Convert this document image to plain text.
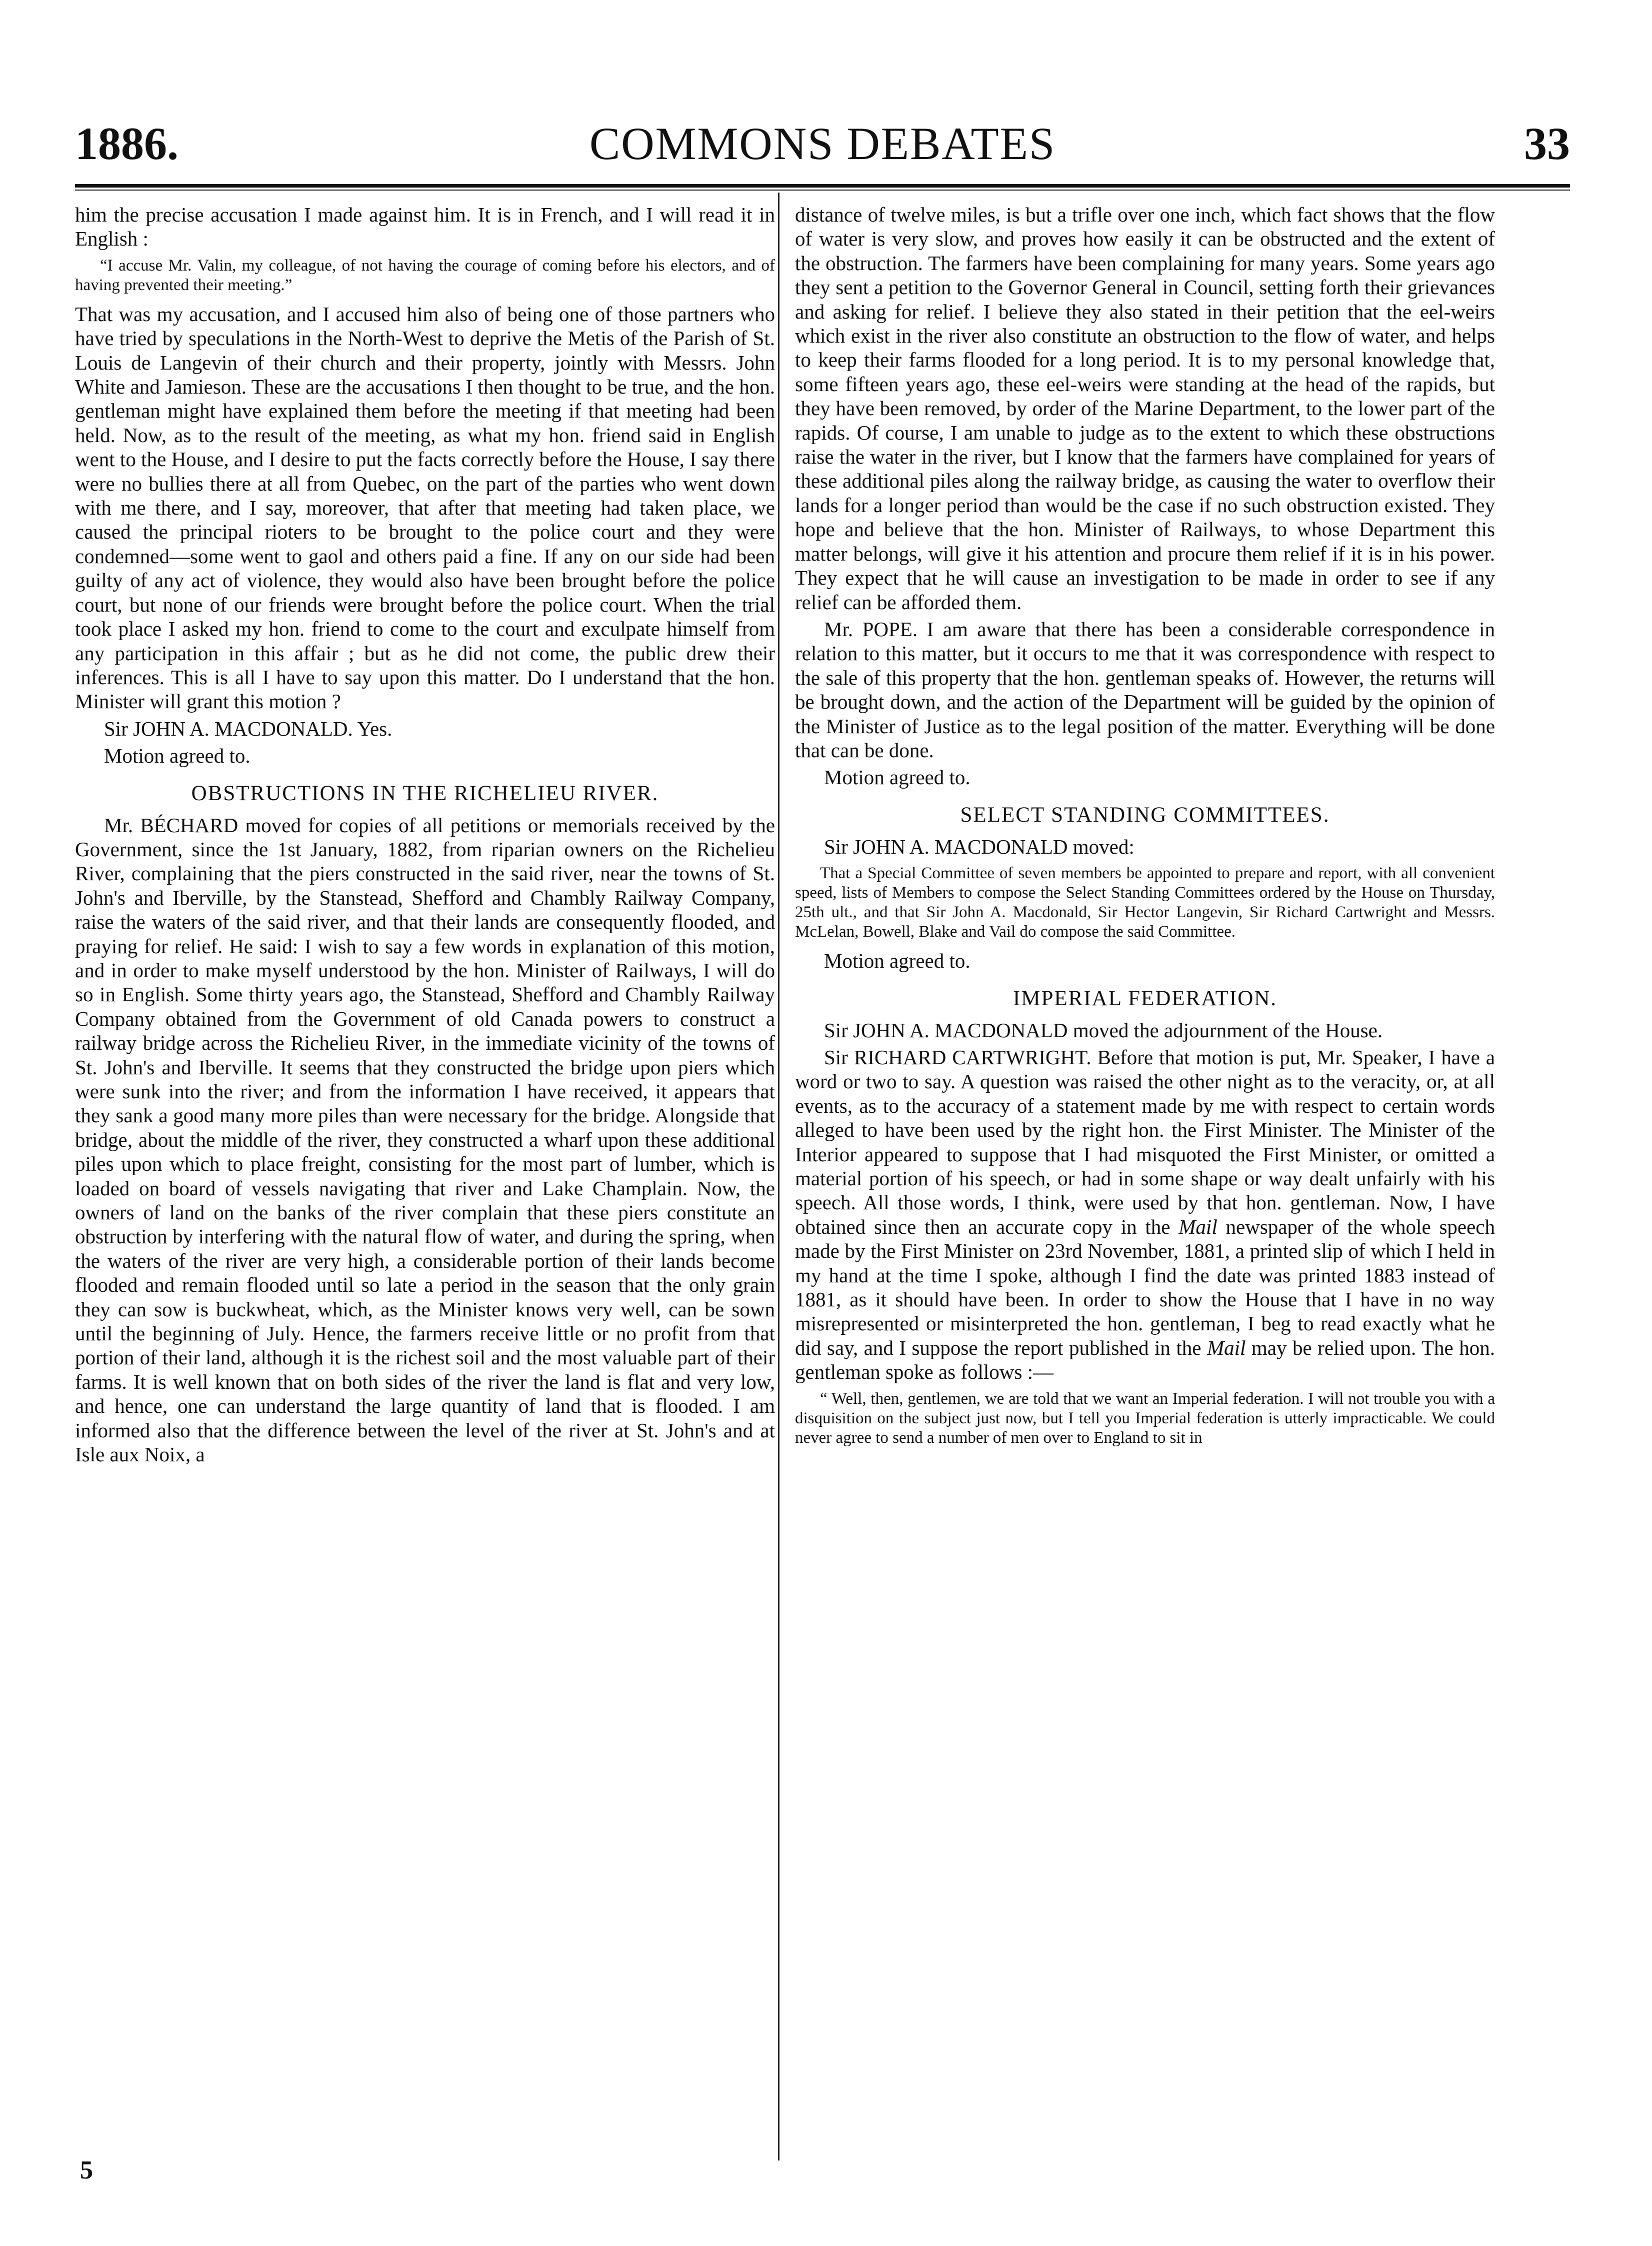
COMMONS DEBATES
1886.	33

him the precise accusation I made against him. It is in French, and I will read it in English :

“I accuse Mr. Valin, my colleague, of not having the courage of coming before his electors, and of having prevented their meeting.”

That was my accusation, and I accused him also of being one of those partners who have tried by speculations in the North-West to deprive the Metis of the Parish of St. Louis de Langevin of their church and their property, jointly with Messrs. John White and Jamieson. These are the accusations I then thought to be true, and the hon. gentleman might have explained them before the meeting if that meeting had been held. Now, as to the result of the meeting, as what my hon. friend said in English went to the House, and I desire to put the facts correctly before the House, I say there were no bullies there at all from Quebec, on the part of the parties who went down with me there, and I say, moreover, that after that meeting had taken place, we caused the principal rioters to be brought to the police court and they were condemned—some went to gaol and others paid a fine. If any on our side had been guilty of any act of violence, they would also have been brought before the police court, but none of our friends were brought before the police court. When the trial took place I asked my hon. friend to come to the court and exculpate himself from any participation in this affair ; but as he did not come, the public drew their inferences. This is all I have to say upon this matter. Do I understand that the hon. Minister will grant this motion ?

Sir JOHN A. MACDONALD. Yes.

Motion agreed to.

OBSTRUCTIONS IN THE RICHELIEU RIVER.

Mr. BÉCHARD moved for copies of all petitions or memorials received by the Government, since the 1st January, 1882, from riparian owners on the Richelieu River, complaining that the piers constructed in the said river, near the towns of St. John's and Iberville, by the Stanstead, Shefford and Chambly Railway Company, raise the waters of the said river, and that their lands are consequently flooded, and praying for relief. He said: I wish to say a few words in explanation of this motion, and in order to make myself understood by the hon. Minister of Railways, I will do so in English. Some thirty years ago, the Stanstead, Shefford and Chambly Railway Company obtained from the Government of old Canada powers to construct a railway bridge across the Richelieu River, in the immediate vicinity of the towns of St. John's and Iberville. It seems that they constructed the bridge upon piers which were sunk into the river; and from the information I have received, it appears that they sank a good many more piles than were necessary for the bridge. Alongside that bridge, about the middle of the river, they constructed a wharf upon these additional piles upon which to place freight, consisting for the most part of lumber, which is loaded on board of vessels navigating that river and Lake Champlain. Now, the owners of land on the banks of the river complain that these piers constitute an obstruction by interfering with the natural flow of water, and during the spring, when the waters of the river are very high, a considerable portion of their lands become flooded and remain flooded until so late a period in the season that the only grain they can sow is buckwheat, which, as the Minister knows very well, can be sown until the beginning of July. Hence, the farmers receive little or no profit from that portion of their land, although it is the richest soil and the most valuable part of their farms. It is well known that on both sides of the river the land is flat and very low, and hence, one can understand the large quantity of land that is flooded. I am informed also that the difference between the level of the river at St. John's and at Isle aux Noix, a

distance of twelve miles, is but a trifle over one inch, which fact shows that the flow of water is very slow, and proves how easily it can be obstructed and the extent of the obstruction. The farmers have been complaining for many years. Some years ago they sent a petition to the Governor General in Council, setting forth their grievances and asking for relief. I believe they also stated in their petition that the eel-weirs which exist in the river also constitute an obstruction to the flow of water, and helps to keep their farms flooded for a long period. It is to my personal knowledge that, some fifteen years ago, these eel-weirs were standing at the head of the rapids, but they have been removed, by order of the Marine Department, to the lower part of the rapids. Of course, I am unable to judge as to the extent to which these obstructions raise the water in the river, but I know that the farmers have complained for years of these additional piles along the railway bridge, as causing the water to overflow their lands for a longer period than would be the case if no such obstruction existed. They hope and believe that the hon. Minister of Railways, to whose Department this matter belongs, will give it his attention and procure them relief if it is in his power. They expect that he will cause an investigation to be made in order to see if any relief can be afforded them.

Mr. POPE. I am aware that there has been a considerable correspondence in relation to this matter, but it occurs to me that it was correspondence with respect to the sale of this property that the hon. gentleman speaks of. However, the returns will be brought down, and the action of the Department will be guided by the opinion of the Minister of Justice as to the legal position of the matter. Everything will be done that can be done.

Motion agreed to.

SELECT STANDING COMMITTEES.

Sir JOHN A. MACDONALD moved:

That a Special Committee of seven members be appointed to prepare and report, with all convenient speed, lists of Members to compose the Select Standing Committees ordered by the House on Thursday, 25th ult., and that Sir John A. Macdonald, Sir Hector Langevin, Sir Richard Cartwright and Messrs. McLelan, Bowell, Blake and Vail do compose the said Committee.

Motion agreed to.

IMPERIAL FEDERATION.

Sir JOHN A. MACDONALD moved the adjournment of the House.

Sir RICHARD CARTWRIGHT. Before that motion is put, Mr. Speaker, I have a word or two to say. A question was raised the other night as to the veracity, or, at all events, as to the accuracy of a statement made by me with respect to certain words alleged to have been used by the right hon. the First Minister. The Minister of the Interior appeared to suppose that I had misquoted the First Minister, or omitted a material portion of his speech, or had in some shape or way dealt unfairly with his speech. All those words, I think, were used by that hon. gentleman. Now, I have obtained since then an accurate copy in the Mail newspaper of the whole speech made by the First Minister on 23rd November, 1881, a printed slip of which I held in my hand at the time I spoke, although I find the date was printed 1883 instead of 1881, as it should have been. In order to show the House that I have in no way misrepresented or misinterpreted the hon. gentleman, I beg to read exactly what he did say, and I suppose the report published in the Mail may be relied upon. The hon. gentleman spoke as follows :—

“ Well, then, gentlemen, we are told that we want an Imperial federation. I will not trouble you with a disquisition on the subject just now, but I tell you Imperial federation is utterly impracticable. We could never agree to send a number of men over to England to sit in
5
